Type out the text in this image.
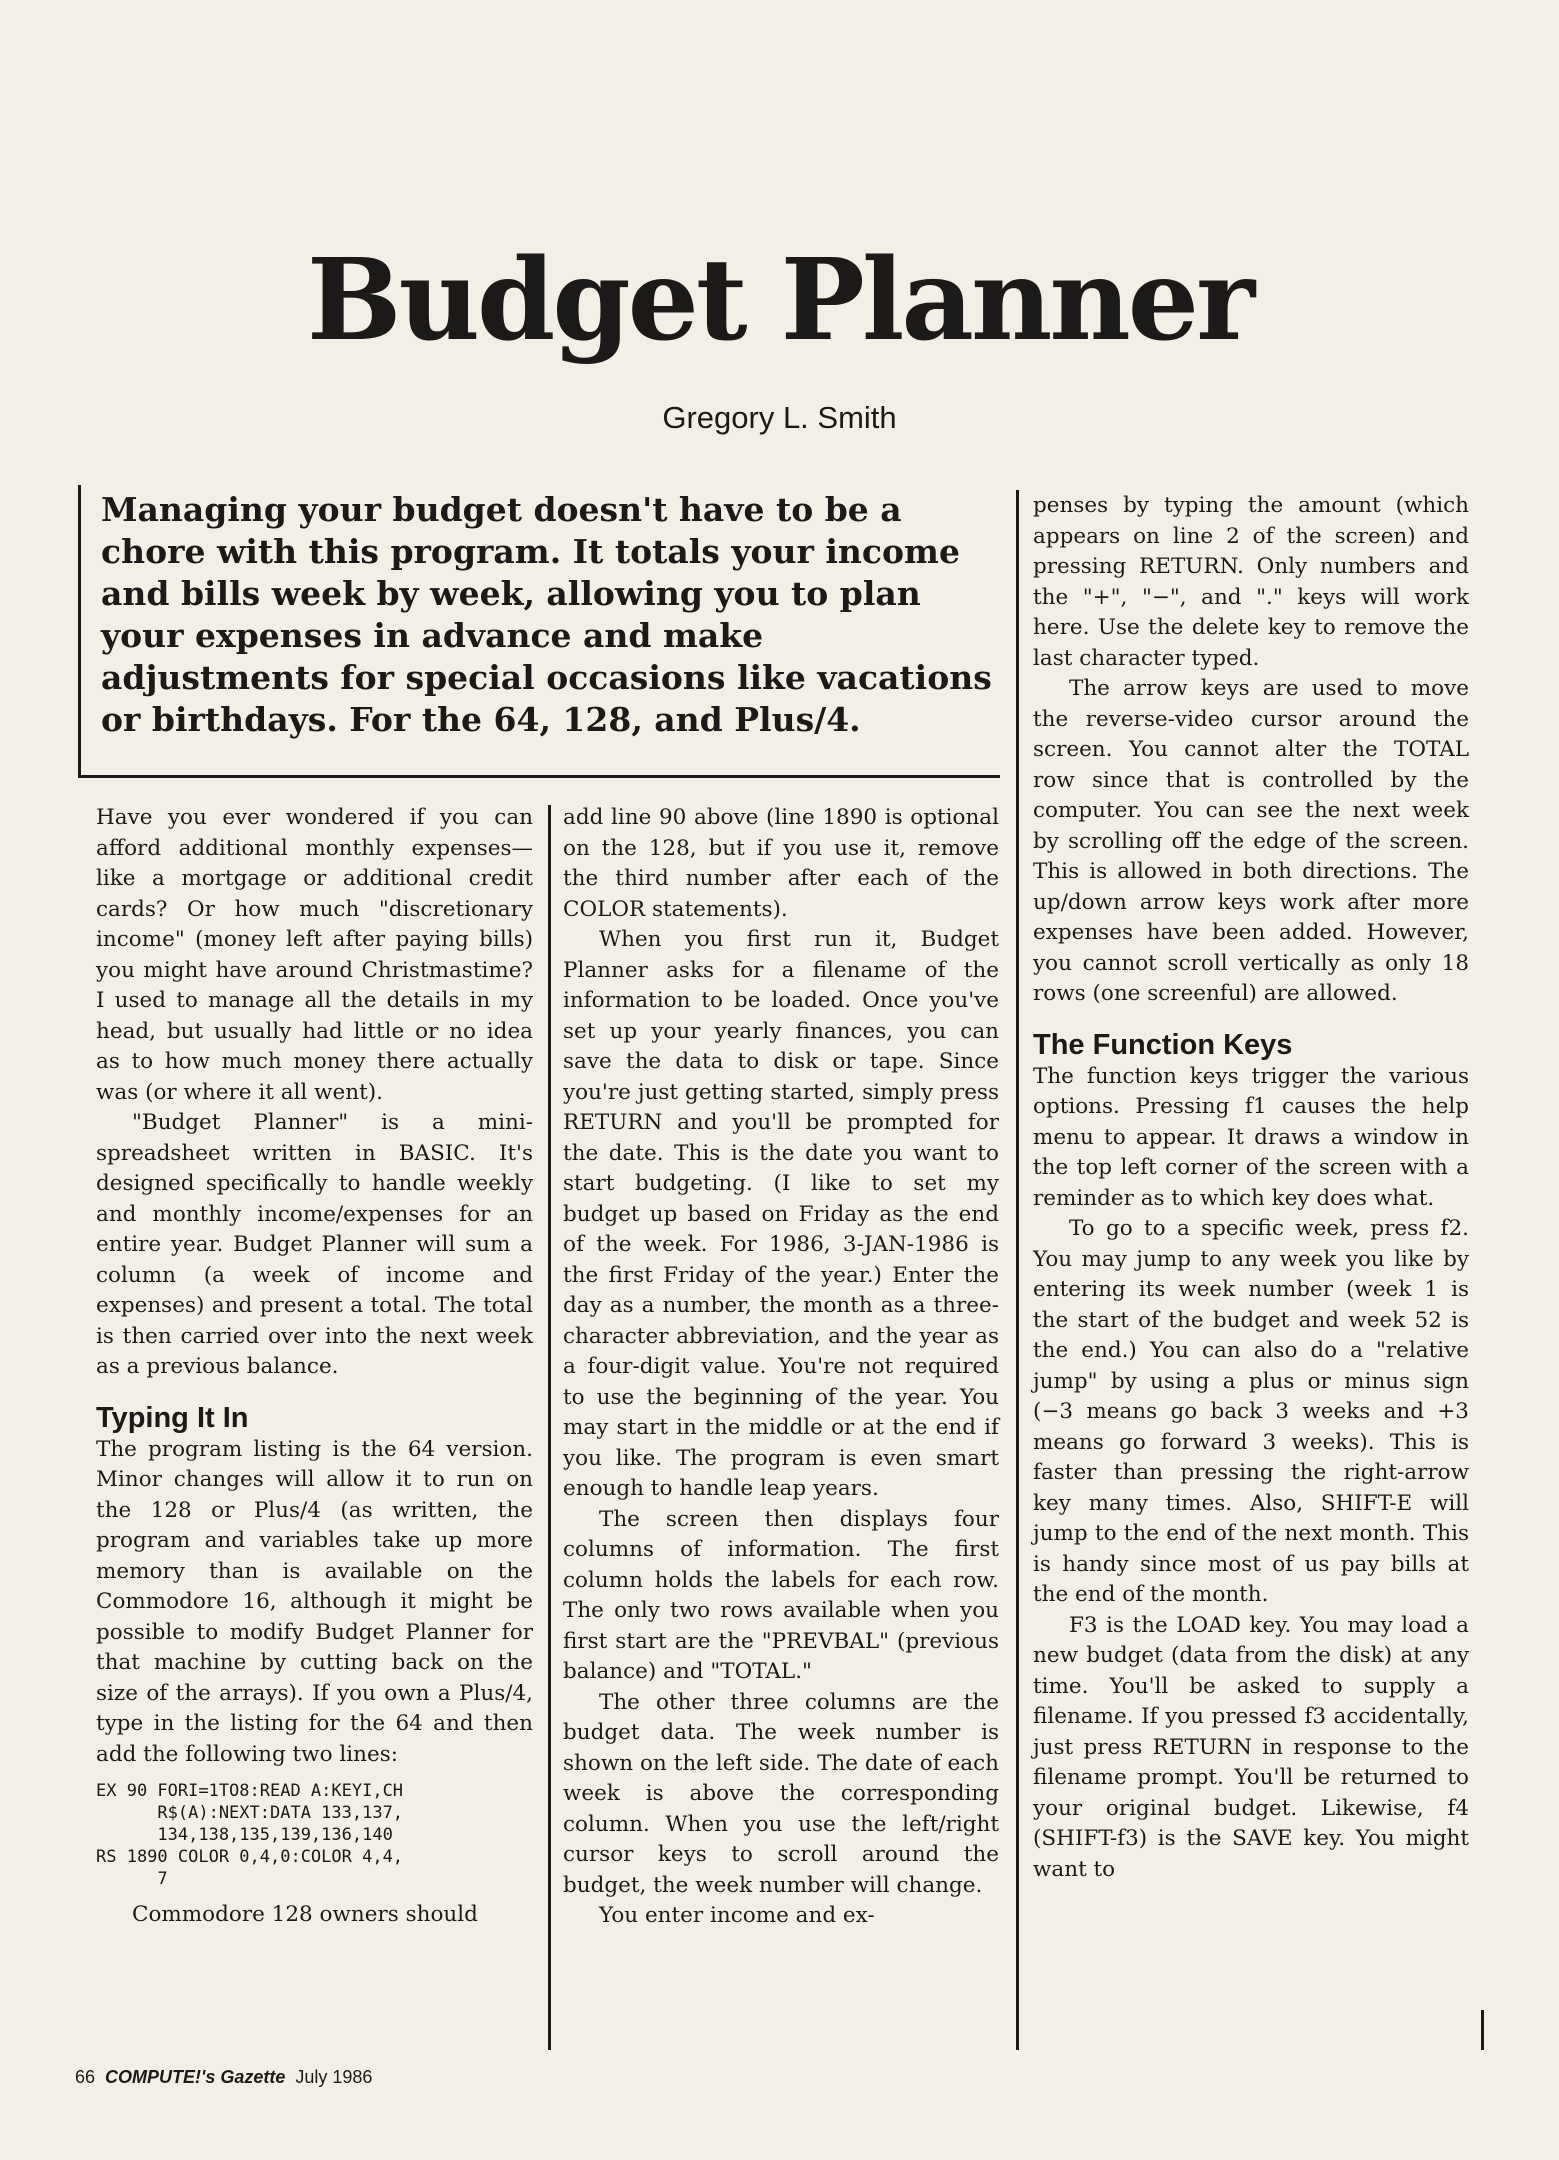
Budget Planner

Gregory L. Smith

Managing your budget doesn't have to be a chore with this program. It totals your income and bills week by week, allowing you to plan your expenses in advance and make adjustments for special occasions like vacations or birthdays. For the 64, 128, and Plus/4.

Have you ever wondered if you can afford additional monthly expenses—like a mortgage or additional credit cards? Or how much "discretionary income" (money left after paying bills) you might have around Christmastime? I used to manage all the details in my head, but usually had little or no idea as to how much money there actually was (or where it all went).

"Budget Planner" is a mini-spreadsheet written in BASIC. It's designed specifically to handle weekly and monthly income/expenses for an entire year. Budget Planner will sum a column (a week of income and expenses) and present a total. The total is then carried over into the next week as a previous balance.

Typing It In

The program listing is the 64 version. Minor changes will allow it to run on the 128 or Plus/4 (as written, the program and variables take up more memory than is available on the Commodore 16, although it might be possible to modify Budget Planner for that machine by cutting back on the size of the arrays). If you own a Plus/4, type in the listing for the 64 and then add the following two lines:

EX 90 FORI=1TO8:READ A:KEYI,CH
R$(A):NEXT:DATA 133,137,
134,138,135,139,136,140
RS 1890 COLOR 0,4,0:COLOR 4,4,
7

Commodore 128 owners should

add line 90 above (line 1890 is optional on the 128, but if you use it, remove the third number after each of the COLOR statements).

When you first run it, Budget Planner asks for a filename of the information to be loaded. Once you've set up your yearly finances, you can save the data to disk or tape. Since you're just getting started, simply press RETURN and you'll be prompted for the date. This is the date you want to start budgeting. (I like to set my budget up based on Friday as the end of the week. For 1986, 3-JAN-1986 is the first Friday of the year.) Enter the day as a number, the month as a three-character abbreviation, and the year as a four-digit value. You're not required to use the beginning of the year. You may start in the middle or at the end if you like. The program is even smart enough to handle leap years.

The screen then displays four columns of information. The first column holds the labels for each row. The only two rows available when you first start are the "PREVBAL" (previous balance) and "TOTAL."

The other three columns are the budget data. The week number is shown on the left side. The date of each week is above the corresponding column. When you use the left/right cursor keys to scroll around the budget, the week number will change.

You enter income and ex-

penses by typing the amount (which appears on line 2 of the screen) and pressing RETURN. Only numbers and the "+", "−", and "." keys will work here. Use the delete key to remove the last character typed.

The arrow keys are used to move the reverse-video cursor around the screen. You cannot alter the TOTAL row since that is controlled by the computer. You can see the next week by scrolling off the edge of the screen. This is allowed in both directions. The up/down arrow keys work after more expenses have been added. However, you cannot scroll vertically as only 18 rows (one screenful) are allowed.

The Function Keys

The function keys trigger the various options. Pressing f1 causes the help menu to appear. It draws a window in the top left corner of the screen with a reminder as to which key does what.

To go to a specific week, press f2. You may jump to any week you like by entering its week number (week 1 is the start of the budget and week 52 is the end.) You can also do a "relative jump" by using a plus or minus sign (−3 means go back 3 weeks and +3 means go forward 3 weeks). This is faster than pressing the right-arrow key many times. Also, SHIFT-E will jump to the end of the next month. This is handy since most of us pay bills at the end of the month.

F3 is the LOAD key. You may load a new budget (data from the disk) at any time. You'll be asked to supply a filename. If you pressed f3 accidentally, just press RETURN in response to the filename prompt. You'll be returned to your original budget. Likewise, f4 (SHIFT-f3) is the SAVE key. You might want to

66 COMPUTE!'s Gazette July 1986
